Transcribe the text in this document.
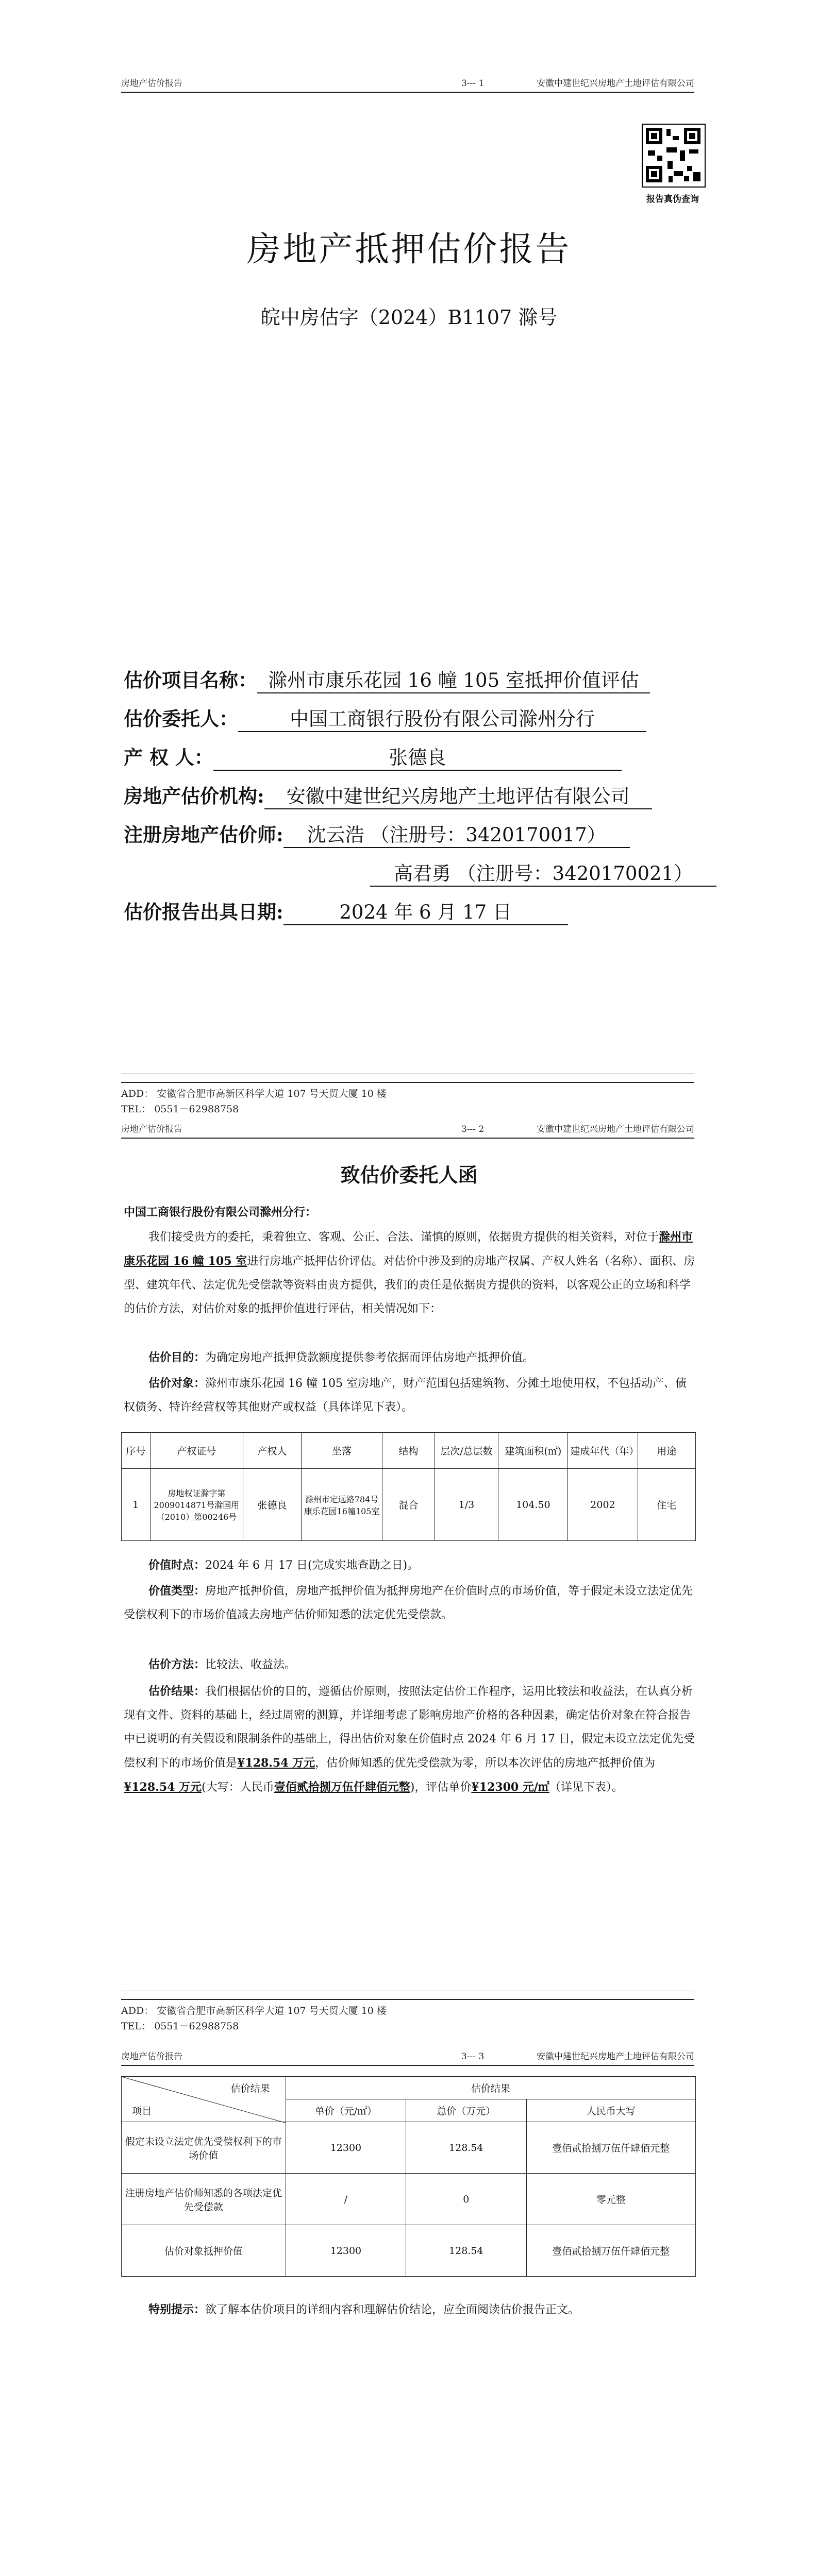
房地产估价报告	3--- 1	安徽中建世纪兴房地产土地评估有限公司
报告真伪查询
房地产抵押估价报告
皖中房估字（2024）B1107 滁号
估价项目名称： 滁州市康乐花园 16 幢 105 室抵押价值评估
估价委托人：	中国工商银行股份有限公司滁州分行
产 权 人：	张德良
房地产估价机构: 安徽中建世纪兴房地产土地评估有限公司
注册房地产估价师: 沈云浩 （注册号：3420170017）
高君勇 （注册号：3420170021）
估价报告出具日期:	2024 年 6 月 17 日
ADD： 安徽省合肥市高新区科学大道 107 号天贸大厦 10 楼
TEL： 0551－62988758
房地产估价报告	3--- 2	安徽中建世纪兴房地产土地评估有限公司
致估价委托人函
中国工商银行股份有限公司滁州分行：
我们接受贵方的委托，秉着独立、客观、公正、合法、谨慎的原则，依据贵方提供的相关资料，对位于滁州市康乐花园 16 幢 105 室进行房地产抵押估价评估。对估价中涉及到的房地产权属、产权人姓名（名称）、面积、房型、建筑年代、法定优先受偿款等资料由贵方提供，我们的责任是依据贵方提供的资料，以客观公正的立场和科学的估价方法，对估价对象的抵押价值进行评估，相关情况如下：
估价目的：为确定房地产抵押贷款额度提供参考依据而评估房地产抵押价值。
估价对象：滁州市康乐花园 16 幢 105 室房地产，财产范围包括建筑物、分摊土地使用权，不包括动产、债权债务、特许经营权等其他财产或权益（具体详见下表）。
序号	产权证号	产权人	坐落	结构	层次/总层数	建筑面积(㎡)	建成年代（年）	用途
1	房地权证滁字第2009014871号滁国用（2010）第00246号	张德良	滁州市定远路784号康乐花园16幢105室	混合	1/3	104.50	2002	住宅
价值时点：2024 年 6 月 17 日(完成实地查勘之日)。
价值类型：房地产抵押价值，房地产抵押价值为抵押房地产在价值时点的市场价值，等于假定未设立法定优先受偿权利下的市场价值减去房地产估价师知悉的法定优先受偿款。
估价方法：比较法、收益法。
估价结果：我们根据估价的目的，遵循估价原则，按照法定估价工作程序，运用比较法和收益法，在认真分析现有文件、资料的基础上，经过周密的测算，并详细考虑了影响房地产价格的各种因素，确定估价对象在符合报告中已说明的有关假设和限制条件的基础上，得出估价对象在价值时点 2024 年 6 月 17 日，假定未设立法定优先受偿权利下的市场价值是¥128.54 万元，估价师知悉的优先受偿款为零，所以本次评估的房地产抵押价值为¥128.54 万元(大写：人民币壹佰贰拾捌万伍仟肆佰元整)，评估单价¥12300 元/㎡（详见下表）。
ADD： 安徽省合肥市高新区科学大道 107 号天贸大厦 10 楼
TEL： 0551－62988758
房地产估价报告	3--- 3	安徽中建世纪兴房地产土地评估有限公司
估价结果
项目	估价结果		
	单价（元/㎡）	总价（万元）	人民币大写
假定未设立法定优先受偿权利下的市场价值	12300	128.54	壹佰贰拾捌万伍仟肆佰元整
注册房地产估价师知悉的各项法定优先受偿款	/	0	零元整
估价对象抵押价值	12300	128.54	壹佰贰拾捌万伍仟肆佰元整
特别提示：欲了解本估价项目的详细内容和理解估价结论，应全面阅读估价报告正文。
